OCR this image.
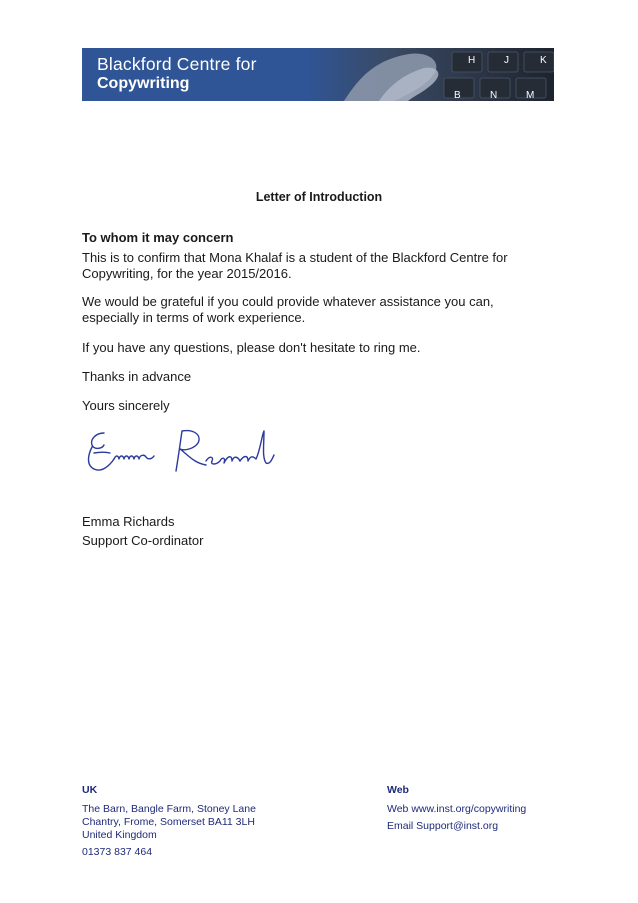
Blackford Centre for
Copywriting
H	J	K
B	N	M
Letter of Introduction
To whom it may concern
This is to confirm that Mona Khalaf is a student of the Blackford Centre for Copywriting, for the year 2015/2016.
We would be grateful if you could provide whatever assistance you can, especially in terms of work experience.
If you have any questions, please don't hesitate to ring me.
Thanks in advance
Yours sincerely
Emma Richards
Support Co-ordinator
UK
The Barn, Bangle Farm, Stoney Lane
Chantry, Frome, Somerset BA11 3LH
United Kingdom
01373 837 464
Web
Web www.inst.org/copywriting
Email Support@inst.org
